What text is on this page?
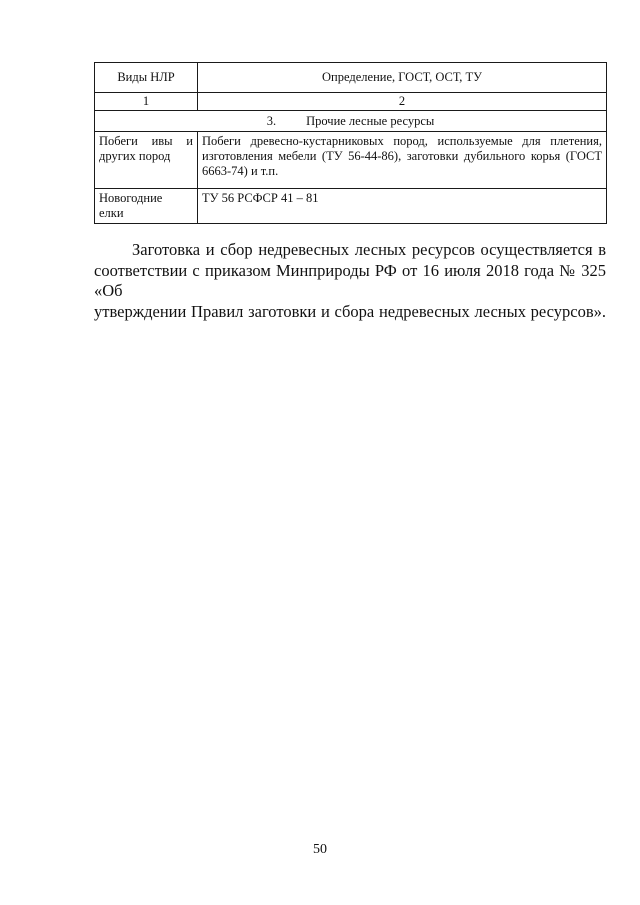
Виды НЛР	Определение, ГОСТ, ОСТ, ТУ
1	2
3. Прочие лесные ресурсы	

Побеги ивы и
других пород	Побеги древесно-кустарниковых пород, используемые для плетения,
изготовления мебели (ТУ 56-44-86), заготовки дубильного корья (ГОСТ
6663-74) и т.п.

Новогодние
елки	ТУ 56 РСФСР 41 – 81
Заготовка и сбор недревесных лесных ресурсов осуществляется в
соответствии с приказом Минприроды РФ от 16 июля 2018 года № 325 «Об
утверждении Правил заготовки и сбора недревесных лесных ресурсов».
50
